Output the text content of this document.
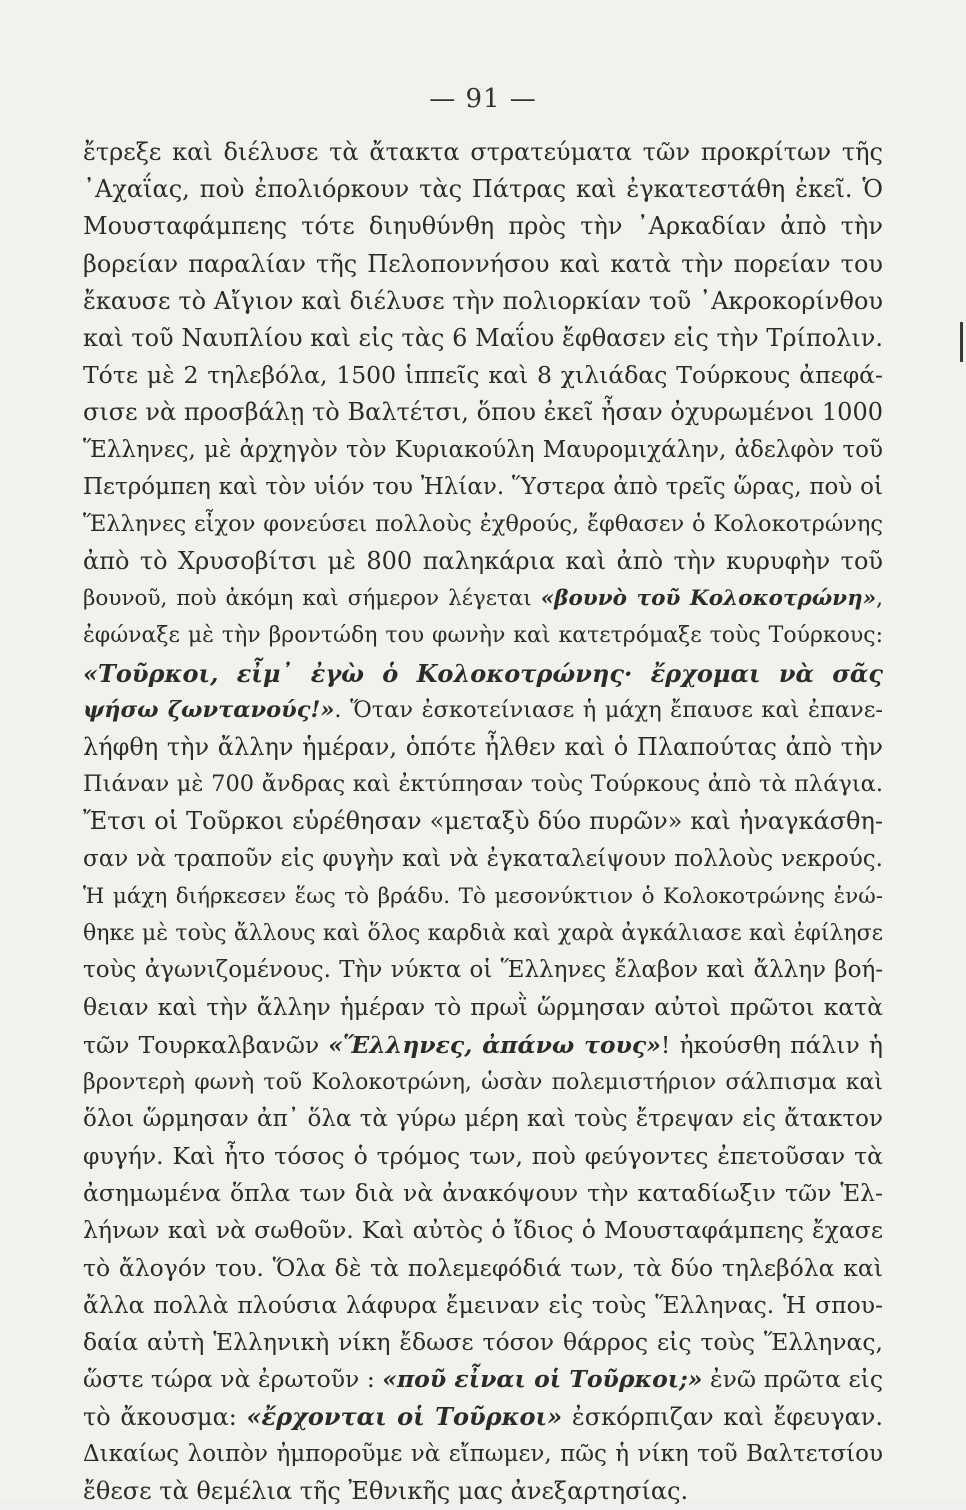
— 91 —
ἔτρεξε καὶ διέλυσε τὰ ἄτακτα στρατεύματα τῶν προκρίτων τῆς
᾿Αχαΐας, ποὺ ἐπολιόρκουν τὰς Πάτρας καὶ ἐγκατεστάθη ἐκεῖ. Ὁ
Μουσταφάμπεης τότε διηυθύνθη πρὸς τὴν ᾿Αρκαδίαν ἀπὸ τὴν
βορείαν παραλίαν τῆς Πελοποννήσου καὶ κατὰ τὴν πορείαν του
ἔκαυσε τὸ Αἴγιον καὶ διέλυσε τὴν πολιορκίαν τοῦ ᾿Ακροκορίνθου
καὶ τοῦ Ναυπλίου καὶ εἰς τὰς 6 Μαΐου ἔφθασεν εἰς τὴν Τρίπολιν.
Τότε μὲ 2 τηλεβόλα, 1500 ἱππεῖς καὶ 8 χιλιάδας Τούρκους ἀπεφά-
σισε νὰ προσβάλῃ τὸ Βαλτέτσι, ὅπου ἐκεῖ ἦσαν ὀχυρωμένοι 1000
Ἕλληνες, μὲ ἀρχηγὸν τὸν Κυριακούλη Μαυρομιχάλην, ἀδελφὸν τοῦ
Πετρόμπεη καὶ τὸν υἱόν του Ἠλίαν. Ὕστερα ἀπὸ τρεῖς ὥρας, ποὺ οἱ
Ἕλληνες εἶχον φονεύσει πολλοὺς ἐχθρούς, ἔφθασεν ὁ Κολοκοτρώνης
ἀπὸ τὸ Χρυσοβίτσι μὲ 800 παληκάρια καὶ ἀπὸ τὴν κυρυφὴν τοῦ
βουνοῦ, ποὺ ἀκόμη καὶ σήμερον λέγεται «βουνὸ τοῦ Κολοκοτρώνη»,
ἐφώναξε μὲ τὴν βροντώδη του φωνὴν καὶ κατετρόμαξε τοὺς Τούρκους:
«Τοῦρκοι, εἶμ᾿ ἐγὼ ὁ Κολοκοτρώνης· ἔρχομαι νὰ σᾶς
ψήσω ζωντανούς!». Ὅταν ἐσκοτείνιασε ἡ μάχη ἔπαυσε καὶ ἐπανε-
λήφθη τὴν ἄλλην ἡμέραν, ὁπότε ἦλθεν καὶ ὁ Πλαπούτας ἀπὸ τὴν
Πιάναν μὲ 700 ἄνδρας καὶ ἐκτύπησαν τοὺς Τούρκους ἀπὸ τὰ πλάγια.
Ἔτσι οἱ Τοῦρκοι εὑρέθησαν «μεταξὺ δύο πυρῶν» καὶ ἠναγκάσθη-
σαν νὰ τραποῦν εἰς φυγὴν καὶ νὰ ἐγκαταλείψουν πολλοὺς νεκρούς.
Ἡ μάχη διήρκεσεν ἕως τὸ βράδυ. Τὸ μεσονύκτιον ὁ Κολοκοτρώνης ἑνώ-
θηκε μὲ τοὺς ἄλλους καὶ ὅλος καρδιὰ καὶ χαρὰ ἀγκάλιασε καὶ ἐφίλησε
τοὺς ἀγωνιζομένους. Τὴν νύκτα οἱ Ἕλληνες ἔλαβον καὶ ἄλλην βοή-
θειαν καὶ τὴν ἄλλην ἡμέραν τὸ πρωῒ ὥρμησαν αὐτοὶ πρῶτοι κατὰ
τῶν Τουρκαλβανῶν «Ἕλληνες, ἀπάνω τους»! ἠκούσθη πάλιν ἡ
βροντερὴ φωνὴ τοῦ Κολοκοτρώνη, ὡσὰν πολεμιστήριον σάλπισμα καὶ
ὅλοι ὥρμησαν ἀπ᾿ ὅλα τὰ γύρω μέρη καὶ τοὺς ἔτρεψαν εἰς ἄτακτον
φυγήν. Καὶ ἦτο τόσος ὁ τρόμος των, ποὺ φεύγοντες ἐπετοῦσαν τὰ
ἀσημωμένα ὅπλα των διὰ νὰ ἀνακόψουν τὴν καταδίωξιν τῶν Ἑλ-
λήνων καὶ νὰ σωθοῦν. Καὶ αὐτὸς ὁ ἴδιος ὁ Μουσταφάμπεης ἔχασε
τὸ ἄλογόν του. Ὅλα δὲ τὰ πολεμεφόδιά των, τὰ δύο τηλεβόλα καὶ
ἄλλα πολλὰ πλούσια λάφυρα ἔμειναν εἰς τοὺς Ἕλληνας. Ἡ σπου-
δαία αὐτὴ Ἑλληνικὴ νίκη ἔδωσε τόσον θάρρος εἰς τοὺς Ἕλληνας,
ὥστε τώρα νὰ ἐρωτοῦν : «ποῦ εἶναι οἱ Τοῦρκοι;» ἐνῶ πρῶτα εἰς
τὸ ἄκουσμα: «ἔρχονται οἱ Τοῦρκοι» ἐσκόρπιζαν καὶ ἔφευγαν.
Δικαίως λοιπὸν ἠμποροῦμε νὰ εἴπωμεν, πῶς ἡ νίκη τοῦ Βαλτετσίου
ἔθεσε τὰ θεμέλια τῆς Ἐθνικῆς μας ἀνεξαρτησίας.
